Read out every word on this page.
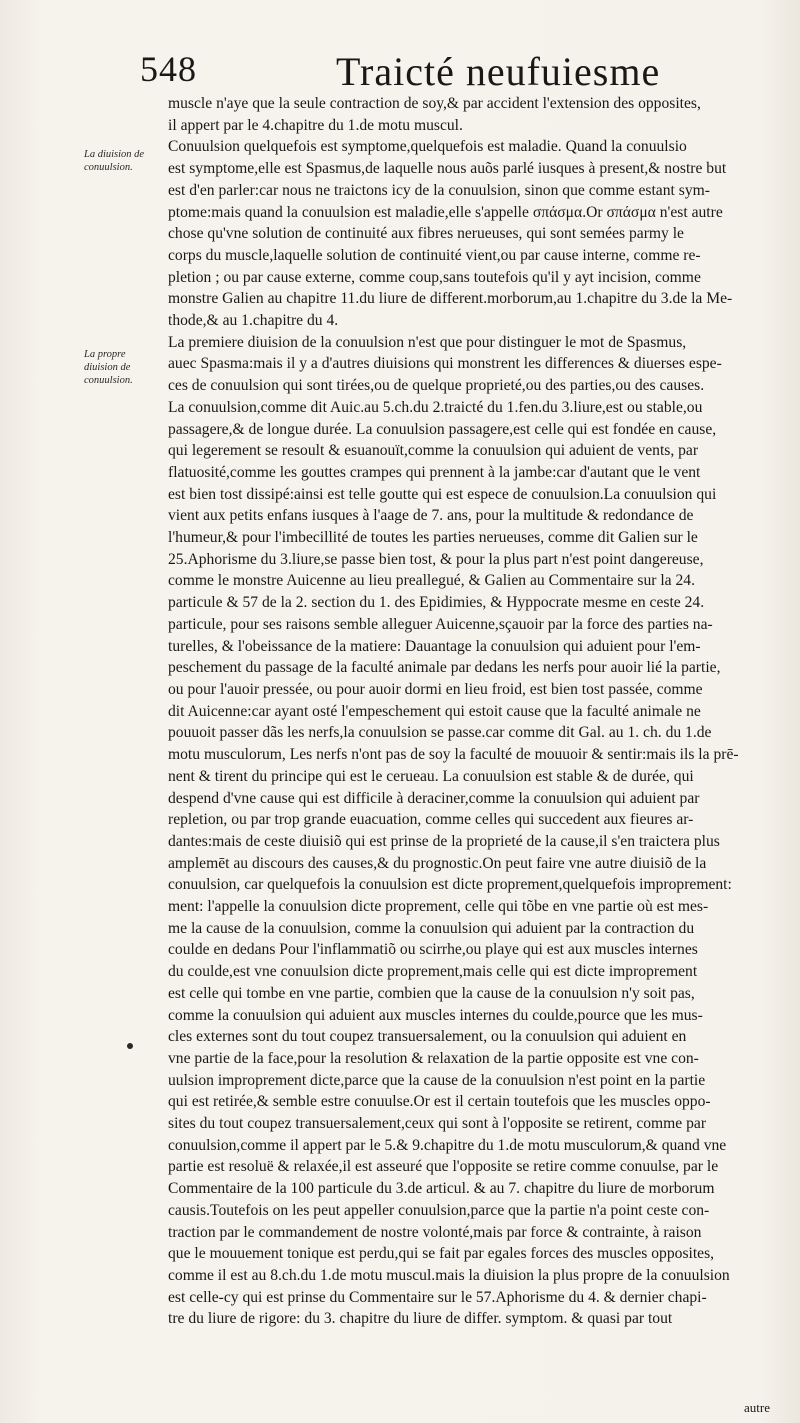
548	Traicté neufuiesme
La diuision de conuulsion.
La propre diuision de conuulsion.
muscle n'aye que la seule contraction de soy,& par accident l'extension des opposites,
il appert par le 4.chapitre du 1.de motu muscul.
Conuulsion quelquefois est symptome,quelquefois est maladie. Quand la conuulsio
est symptome,elle est Spasmus,de laquelle nous auõs parlé iusques à present,& nostre but
est d'en parler:car nous ne traictons icy de la conuulsion, sinon que comme estant sym-
ptome:mais quand la conuulsion est maladie,elle s'appelle σπάσμα.Or σπάσμα n'est autre
chose qu'vne solution de continuité aux fibres nerueuses, qui sont semées parmy le
corps du muscle,laquelle solution de continuité vient,ou par cause interne, comme re-
pletion ; ou par cause externe, comme coup,sans toutefois qu'il y ayt incision, comme
monstre Galien au chapitre 11.du liure de different.morborum,au 1.chapitre du 3.de la Me-
thode,& au 1.chapitre du 4.
La premiere diuision de la conuulsion n'est que pour distinguer le mot de Spasmus,
auec Spasma:mais il y a d'autres diuisions qui monstrent les differences & diuerses espe-
ces de conuulsion qui sont tirées,ou de quelque proprieté,ou des parties,ou des causes.
La conuulsion,comme dit Auic.au 5.ch.du 2.traicté du 1.fen.du 3.liure,est ou stable,ou
passagere,& de longue durée. La conuulsion passagere,est celle qui est fondée en cause,
qui legerement se resoult & esuanouït,comme la conuulsion qui aduient de vents, par
flatuosité,comme les gouttes crampes qui prennent à la jambe:car d'autant que le vent
est bien tost dissipé:ainsi est telle goutte qui est espece de conuulsion.La conuulsion qui
vient aux petits enfans iusques à l'aage de 7. ans, pour la multitude & redondance de
l'humeur,& pour l'imbecillité de toutes les parties nerueuses, comme dit Galien sur le
25.Aphorisme du 3.liure,se passe bien tost, & pour la plus part n'est point dangereuse,
comme le monstre Auicenne au lieu preallegué, & Galien au Commentaire sur la 24.
particule & 57 de la 2. section du 1. des Epidimies, & Hyppocrate mesme en ceste 24.
particule, pour ses raisons semble alleguer Auicenne,sçauoir par la force des parties na-
turelles, & l'obeissance de la matiere: Dauantage la conuulsion qui aduient pour l'em-
peschement du passage de la faculté animale par dedans les nerfs pour auoir lié la partie,
ou pour l'auoir pressée, ou pour auoir dormi en lieu froid, est bien tost passée, comme
dit Auicenne:car ayant osté l'empeschement qui estoit cause que la faculté animale ne
pouuoit passer dãs les nerfs,la conuulsion se passe.car comme dit Gal. au 1. ch. du 1.de
motu musculorum, Les nerfs n'ont pas de soy la faculté de mouuoir & sentir:mais ils la prē-
nent & tirent du principe qui est le cerueau. La conuulsion est stable & de durée, qui
despend d'vne cause qui est difficile à deraciner,comme la conuulsion qui aduient par
repletion, ou par trop grande euacuation, comme celles qui succedent aux fieures ar-
dantes:mais de ceste diuisiõ qui est prinse de la proprieté de la cause,il s'en traictera plus
amplemēt au discours des causes,& du prognostic.On peut faire vne autre diuisiõ de la
conuulsion, car quelquefois la conuulsion est dicte proprement,quelquefois improprement:
ment: l'appelle la conuulsion dicte proprement, celle qui tõbe en vne partie où est mes-
me la cause de la conuulsion, comme la conuulsion qui aduient par la contraction du
coulde en dedans Pour l'inflammatiõ ou scirrhe,ou playe qui est aux muscles internes
du coulde,est vne conuulsion dicte proprement,mais celle qui est dicte improprement
est celle qui tombe en vne partie, combien que la cause de la conuulsion n'y soit pas,
comme la conuulsion qui aduient aux muscles internes du coulde,pource que les mus-
cles externes sont du tout coupez transuersalement, ou la conuulsion qui aduient en
vne partie de la face,pour la resolution & relaxation de la partie opposite est vne con-
uulsion improprement dicte,parce que la cause de la conuulsion n'est point en la partie
qui est retirée,& semble estre conuulse.Or est il certain toutefois que les muscles oppo-
sites du tout coupez transuersalement,ceux qui sont à l'opposite se retirent, comme par
conuulsion,comme il appert par le 5.& 9.chapitre du 1.de motu musculorum,& quand vne
partie est resoluë & relaxée,il est asseuré que l'opposite se retire comme conuulse, par le
Commentaire de la 100 particule du 3.de articul. & au 7. chapitre du liure de morborum
causis.Toutefois on les peut appeller conuulsion,parce que la partie n'a point ceste con-
traction par le commandement de nostre volonté,mais par force & contrainte, à raison
que le mouuement tonique est perdu,qui se fait par egales forces des muscles opposites,
comme il est au 8.ch.du 1.de motu muscul.mais la diuision la plus propre de la conuulsion
est celle-cy qui est prinse du Commentaire sur le 57.Aphorisme du 4. & dernier chapi-
tre du liure de rigore: du 3. chapitre du liure de differ. symptom. & quasi par tout
autre
